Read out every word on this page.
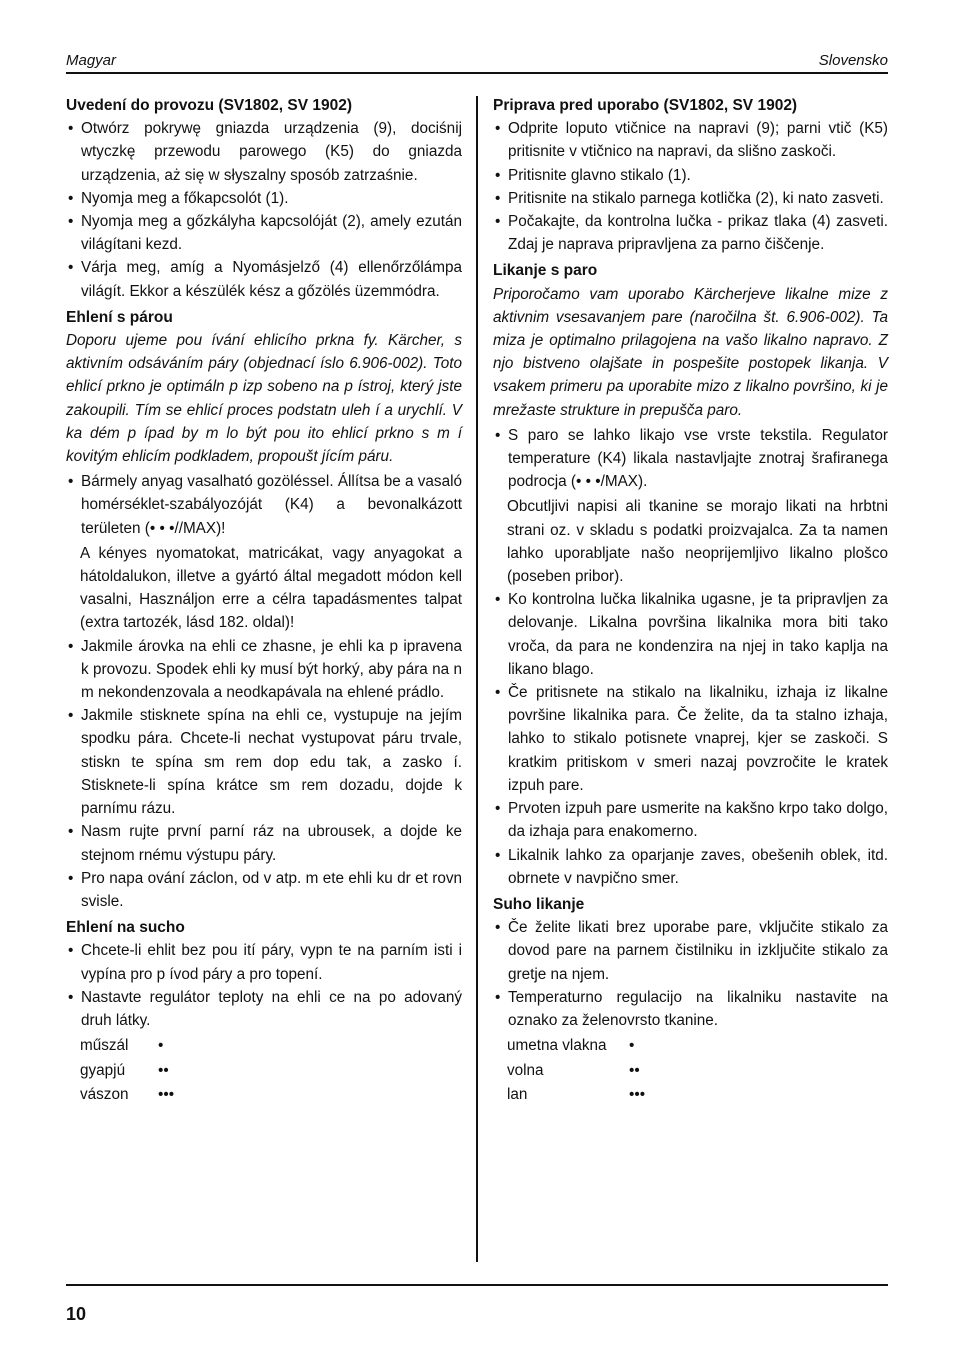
Magyar	Slovensko
Uvedení do provozu (SV1802, SV 1902)
• Otwórz pokrywę gniazda urządzenia (9), dociśnij wtyczkę przewodu parowego (K5) do gniazda urządzenia, aż się w słyszalny sposób zatrzaśnie.
• Nyomja meg a főkapcsolót (1).
• Nyomja meg a gőzkályha kapcsolóját (2), amely ezután világítani kezd.
• Várja meg, amíg a Nyomásjelző (4) ellenőrzőlámpa világít. Ekkor a készülék kész a gőzölés üzemmódra.
Ehlení s párou
Doporu ujeme pou ívání ehlicího prkna fy. Kärcher, s aktivním odsáváním páry (objednací íslo 6.906-002). Toto ehlicí prkno je optimáln p izp sobeno na p ístroj, který jste zakoupili. Tím se ehlicí proces podstatn uleh í a urychlí. V ka dém p ípad by m lo být pou ito ehlicí prkno s m í kovitým ehlicím podkladem, propoušt jícím páru.
• Bármely anyag vasalható gozöléssel. Állítsa be a vasaló homérséklet-szabályozóját (K4) a bevonalkázott területen (• • •//MAX)!
A kényes nyomatokat, matricákat, vagy anyagokat a hátoldalukon, illetve a gyártó által megadott módon kell vasalni, Használjon erre a célra tapadásmentes talpat (extra tartozék, lásd 182. oldal)!
• Jakmile árovka na ehli ce zhasne, je ehli ka p ipravena k provozu. Spodek ehli ky musí být horký, aby pára na n m nekondenzovala a neodkapávala na ehlené prádlo.
• Jakmile stisknete spína na ehli ce, vystupuje na jejím spodku pára. Chcete-li nechat vystupovat páru trvale, stiskn te spína sm rem dop edu tak, a zasko í. Stisknete-li spína krátce sm rem dozadu, dojde k parnímu rázu.
• Nasm rujte první parní ráz na ubrousek, a dojde ke stejnom rnému výstupu páry.
• Pro napa ování záclon, od v atp. m ete ehli ku dr et rovn svisle.
Ehlení na sucho
• Chcete-li ehlit bez pou ití páry, vypn te na parním isti i vypína pro p ívod páry a pro topení.
• Nastavte regulátor teploty na ehli ce na po adovaný druh látky.
műszál	•
gyapjú	••
vászon	•••
Priprava pred uporabo (SV1802, SV 1902)
• Odprite loputo vtičnice na napravi (9); parni vtič (K5) pritisnite v vtičnico na napravi, da slišno zaskoči.
• Pritisnite glavno stikalo (1).
• Pritisnite na stikalo parnega kotlička (2), ki nato zasveti.
• Počakajte, da kontrolna lučka - prikaz tlaka (4) zasveti. Zdaj je naprava pripravljena za parno čiščenje.
Likanje s paro
Priporočamo vam uporabo Kärcherjeve likalne mize z aktivnim vsesavanjem pare (naročilna št. 6.906-002). Ta miza je optimalno prilagojena na vašo likalno napravo. Z njo bistveno olajšate in pospešite postopek likanja. V vsakem primeru pa uporabite mizo z likalno površino, ki je mrežaste strukture in prepušča paro.
• S paro se lahko likajo vse vrste tekstila. Regulator temperature (K4) likala nastavljajte znotraj šrafiranega podrocja (• • •/MAX).
Obcutljivi napisi ali tkanine se morajo likati na hrbtni strani oz. v skladu s podatki proizvajalca. Za ta namen lahko uporabljate našo neoprijemljivo likalno plošco (poseben pribor).
• Ko kontrolna lučka likalnika ugasne, je ta pripravljen za delovanje. Likalna površina likalnika mora biti tako vroča, da para ne kondenzira na njej in tako kaplja na likano blago.
• Če pritisnete na stikalo na likalniku, izhaja iz likalne površine likalnika para. Če želite, da ta stalno izhaja, lahko to stikalo potisnete vnaprej, kjer se zaskoči. S kratkim pritiskom v smeri nazaj povzročite le kratek izpuh pare.
• Prvoten izpuh pare usmerite na kakšno krpo tako dolgo, da izhaja para enakomerno.
• Likalnik lahko za oparjanje zaves, obešenih oblek, itd. obrnete v navpično smer.
Suho likanje
• Če želite likati brez uporabe pare, vključite stikalo za dovod pare na parnem čistilniku in izključite stikalo za gretje na njem.
• Temperaturno regulacijo na likalniku nastavite na oznako za želenovrsto tkanine.
umetna vlakna	•
volna	••
lan	•••
10
